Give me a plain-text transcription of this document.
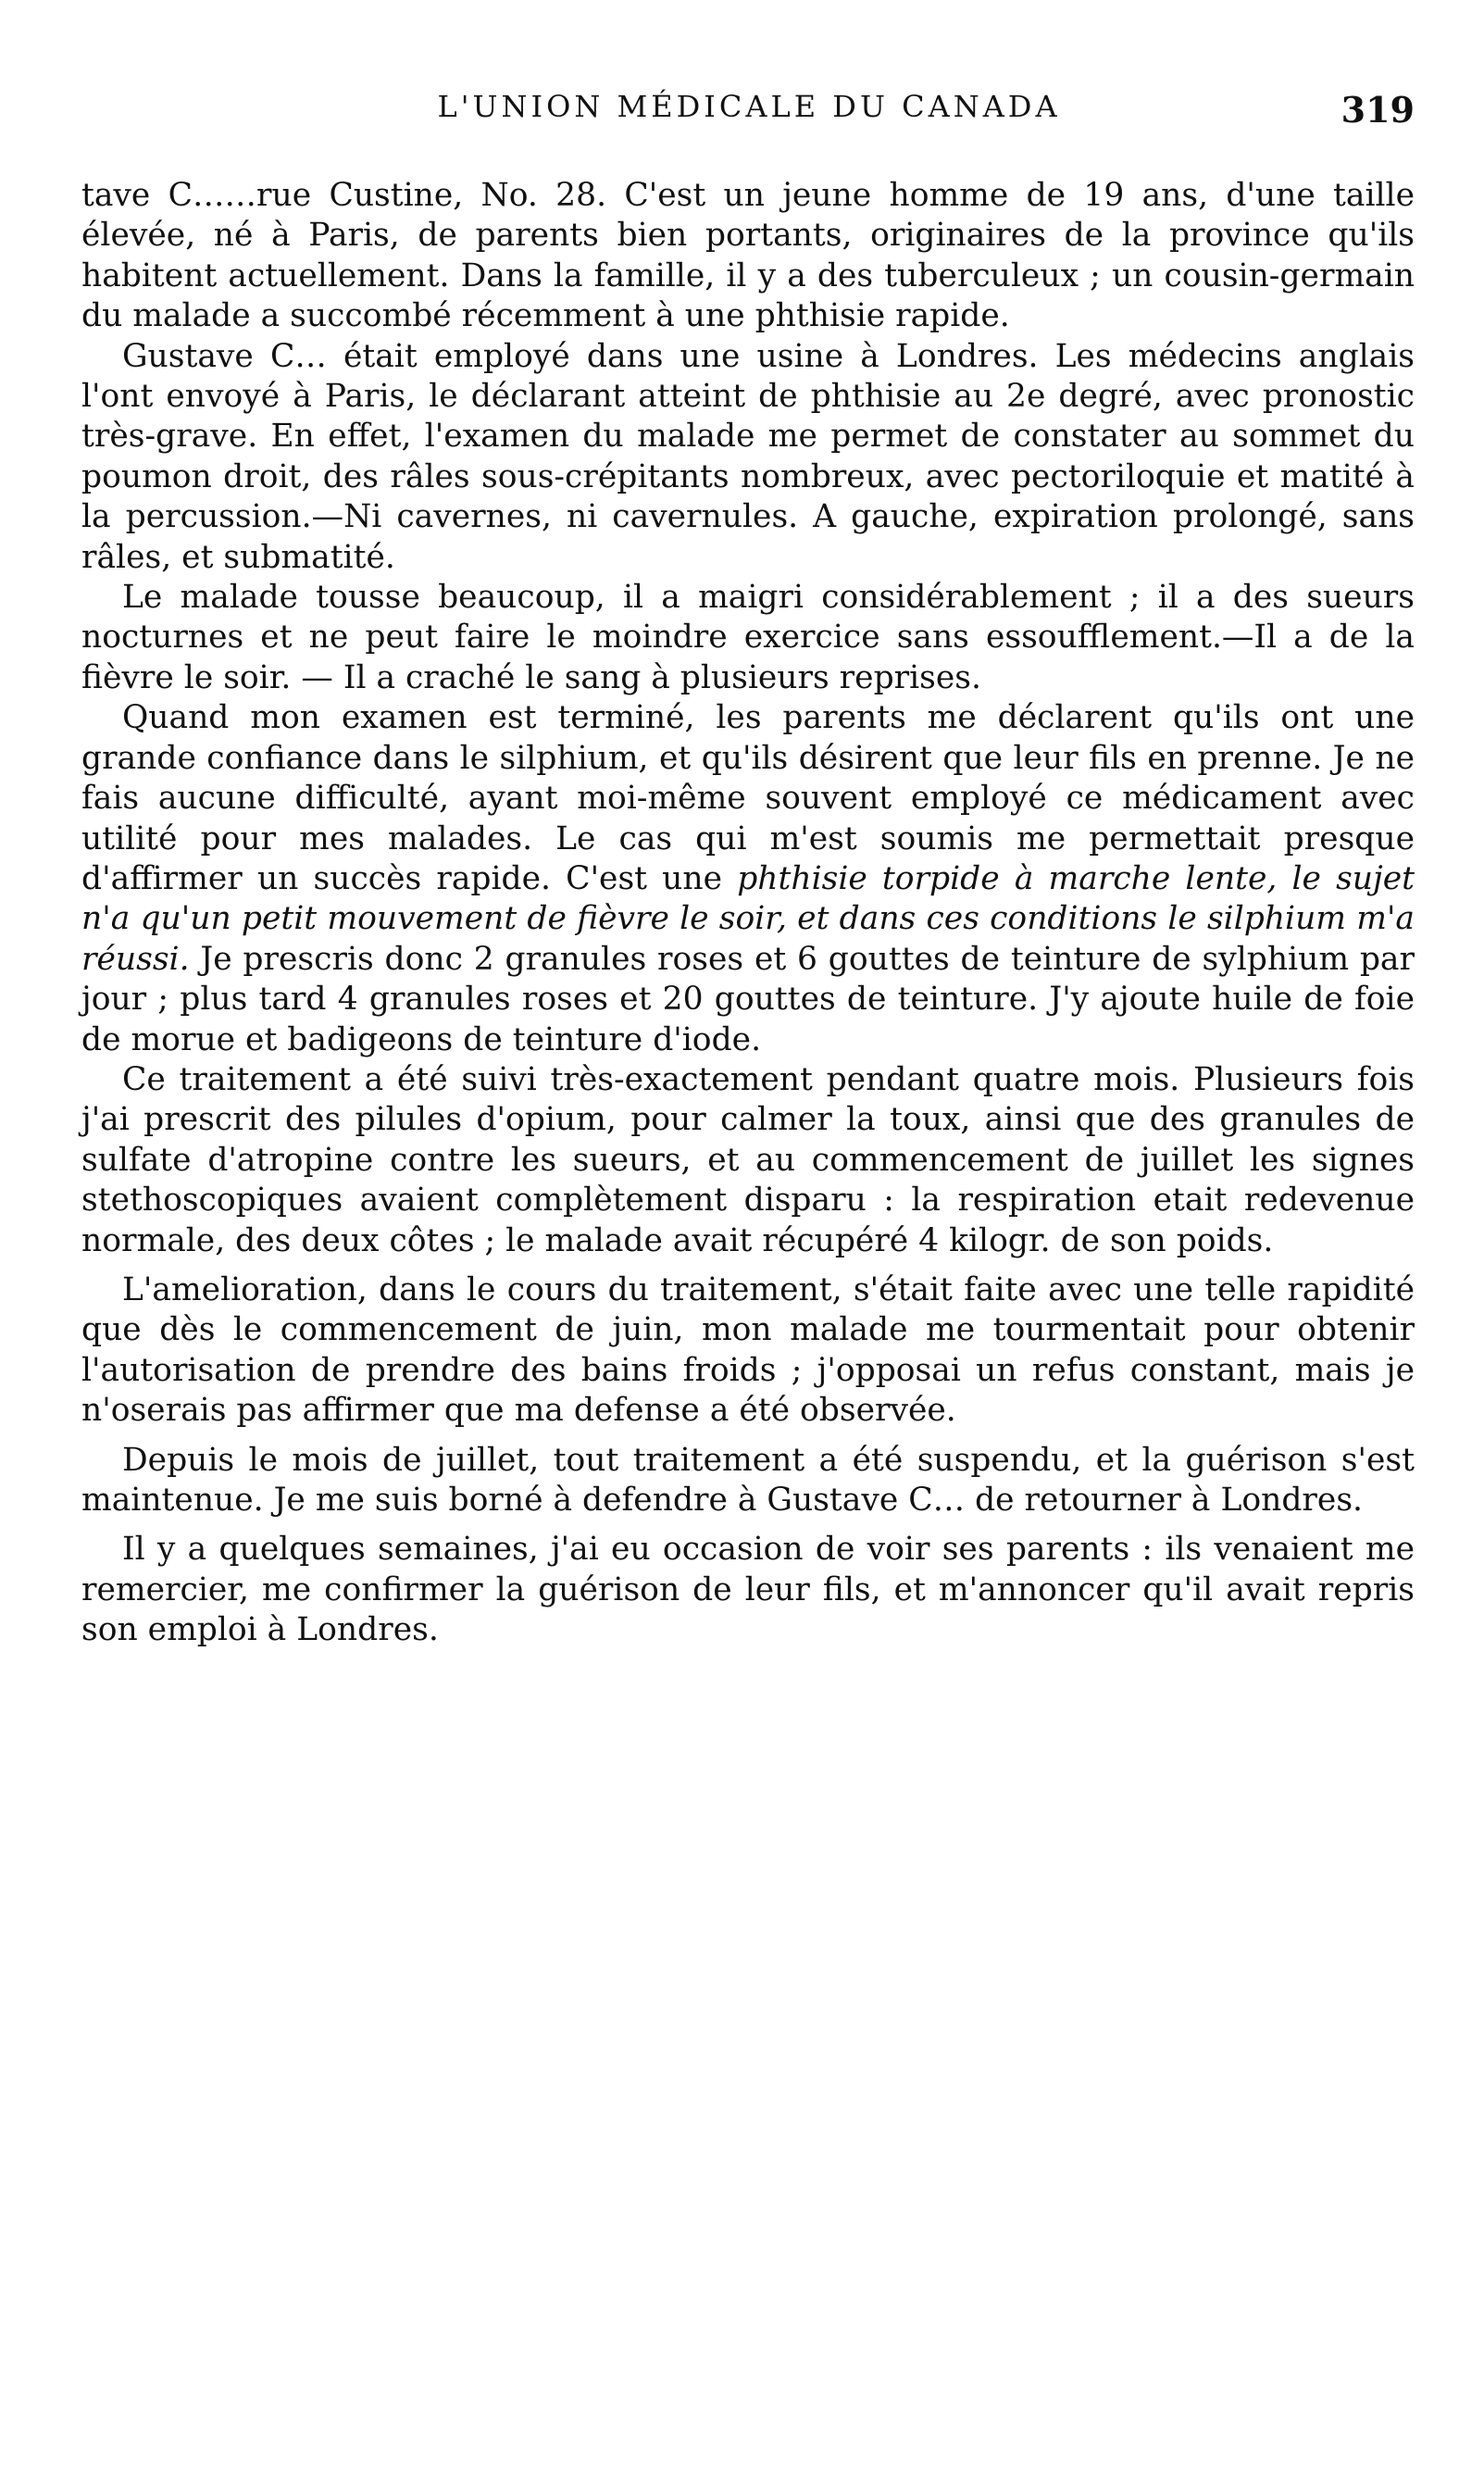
L'UNION MÉDICALE DU CANADA	319

tave C……rue Custine, No. 28. C'est un jeune homme de 19 ans, d'une taille élevée, né à Paris, de parents bien portants, originaires de la province qu'ils habitent actuellement. Dans la famille, il y a des tuberculeux ; un cousin-germain du malade a succombé récemment à une phthisie rapide.

Gustave C… était employé dans une usine à Londres. Les médecins anglais l'ont envoyé à Paris, le déclarant atteint de phthisie au 2e degré, avec pronostic très-grave. En effet, l'examen du malade me permet de constater au sommet du poumon droit, des râles sous-crépitants nombreux, avec pectoriloquie et matité à la percussion.—Ni cavernes, ni cavernules. A gauche, expiration prolongé, sans râles, et submatité.

Le malade tousse beaucoup, il a maigri considérablement ; il a des sueurs nocturnes et ne peut faire le moindre exercice sans essoufflement.—Il a de la fièvre le soir. — Il a craché le sang à plusieurs reprises.

Quand mon examen est terminé, les parents me déclarent qu'ils ont une grande confiance dans le silphium, et qu'ils désirent que leur fils en prenne. Je ne fais aucune difficulté, ayant moi-même souvent employé ce médicament avec utilité pour mes malades. Le cas qui m'est soumis me permettait presque d'affirmer un succès rapide. C'est une phthisie torpide à marche lente, le sujet n'a qu'un petit mouvement de fièvre le soir, et dans ces conditions le silphium m'a réussi. Je prescris donc 2 granules roses et 6 gouttes de teinture de sylphium par jour ; plus tard 4 granules roses et 20 gouttes de teinture. J'y ajoute huile de foie de morue et badigeons de teinture d'iode.

Ce traitement a été suivi très-exactement pendant quatre mois. Plusieurs fois j'ai prescrit des pilules d'opium, pour calmer la toux, ainsi que des granules de sulfate d'atropine contre les sueurs, et au commencement de juillet les signes stethoscopiques avaient complètement disparu : la respiration etait redevenue normale, des deux côtes ; le malade avait récupéré 4 kilogr. de son poids.

L'amelioration, dans le cours du traitement, s'était faite avec une telle rapidité que dès le commencement de juin, mon malade me tourmentait pour obtenir l'autorisation de prendre des bains froids ; j'opposai un refus constant, mais je n'oserais pas affirmer que ma defense a été observée.

Depuis le mois de juillet, tout traitement a été suspendu, et la guérison s'est maintenue. Je me suis borné à defendre à Gustave C… de retourner à Londres.

Il y a quelques semaines, j'ai eu occasion de voir ses parents : ils venaient me remercier, me confirmer la guérison de leur fils, et m'annoncer qu'il avait repris son emploi à Londres.
